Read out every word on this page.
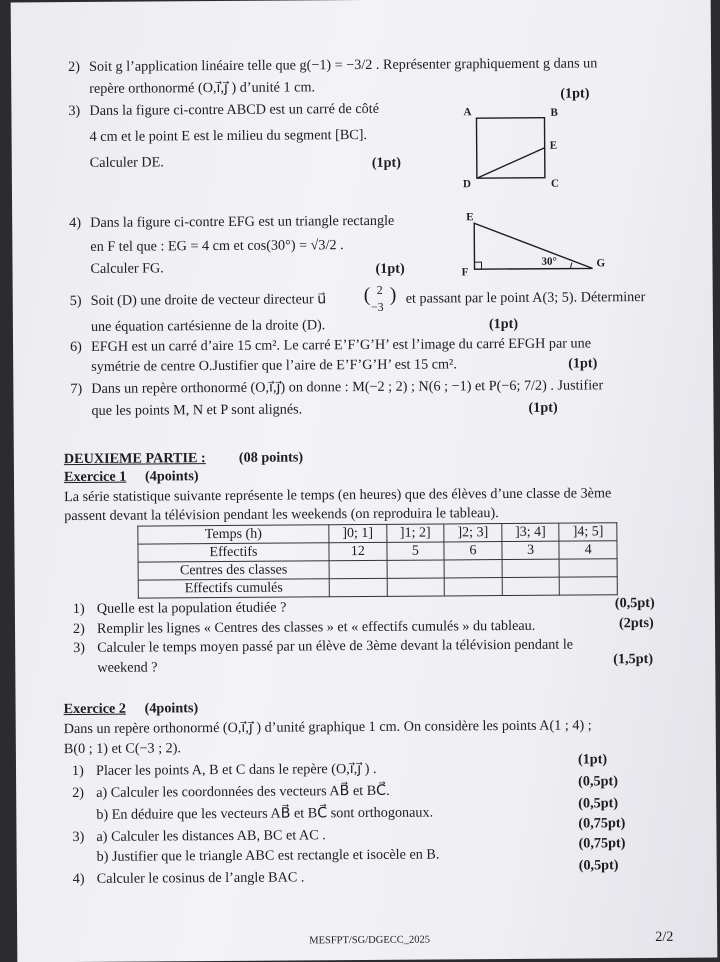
2) Soit g l’application linéaire telle que g(−1) = −3/2 . Représenter graphiquement g dans un
repère orthonormé (O,i⃗,j⃗ ) d’unité 1 cm.	(1pt)
3) Dans la figure ci-contre ABCD est un carré de côté
4 cm et le point E est le milieu du segment [BC].
Calculer DE.	(1pt)
A	B
E
D	C
4) Dans la figure ci-contre EFG est un triangle rectangle
en F tel que : EG = 4 cm et cos(30°) = √3/2 .
Calculer FG.	(1pt)
E
F
G
30°
5) Soit (D) une droite de vecteur directeur u⃗ ( 2
−3
) et passant par le point A(3; 5). Déterminer
une équation cartésienne de la droite (D).	(1pt)
6) EFGH est un carré d’aire 15 cm². Le carré E’F’G’H’ est l’image du carré EFGH par une
symétrie de centre O.Justifier que l’aire de E’F’G’H’ est 15 cm².	(1pt)
7) Dans un repère orthonormé (O,i⃗,j⃗) on donne : M(−2 ; 2) ; N(6 ; −1) et P(−6; 7/2) . Justifier
que les points M, N et P sont alignés.	(1pt)
DEUXIEME PARTIE : (08 points)
Exercice 1 (4points)
La série statistique suivante représente le temps (en heures) que des élèves d’une classe de 3ème
passent devant la télévision pendant les weekends (on reproduira le tableau).
Temps (h)	]0; 1]	]1; 2]	]2; 3]	]3; 4]	]4; 5]
Effectifs	12	5	6	3	4
Centres des classes					
Effectifs cumulés					
1) Quelle est la population étudiée ?	(0,5pt)
2) Remplir les lignes « Centres des classes » et « effectifs cumulés » du tableau.	(2pts)
3) Calculer le temps moyen passé par un élève de 3ème devant la télévision pendant le
weekend ?
(1,5pt)
Exercice 2 (4points)
Dans un repère orthonormé (O,i⃗,j⃗ ) d’unité graphique 1 cm. On considère les points A(1 ; 4) ;
B(0 ; 1) et C(−3 ; 2).
1) Placer les points A, B et C dans le repère (O,i⃗,j⃗ ) .
(1pt)
2) a) Calculer les coordonnées des vecteurs AB⃗ et BC⃗.
(0,5pt)
b) En déduire que les vecteurs AB⃗ et BC⃗ sont orthogonaux.
(0,5pt)
3) a) Calculer les distances AB, BC et AC .
(0,75pt)
b) Justifier que le triangle ABC est rectangle et isocèle en B.
(0,75pt)
4) Calculer le cosinus de l’angle BAC .
(0,5pt)
MESFPT/SG/DGECC_2025	2/2
